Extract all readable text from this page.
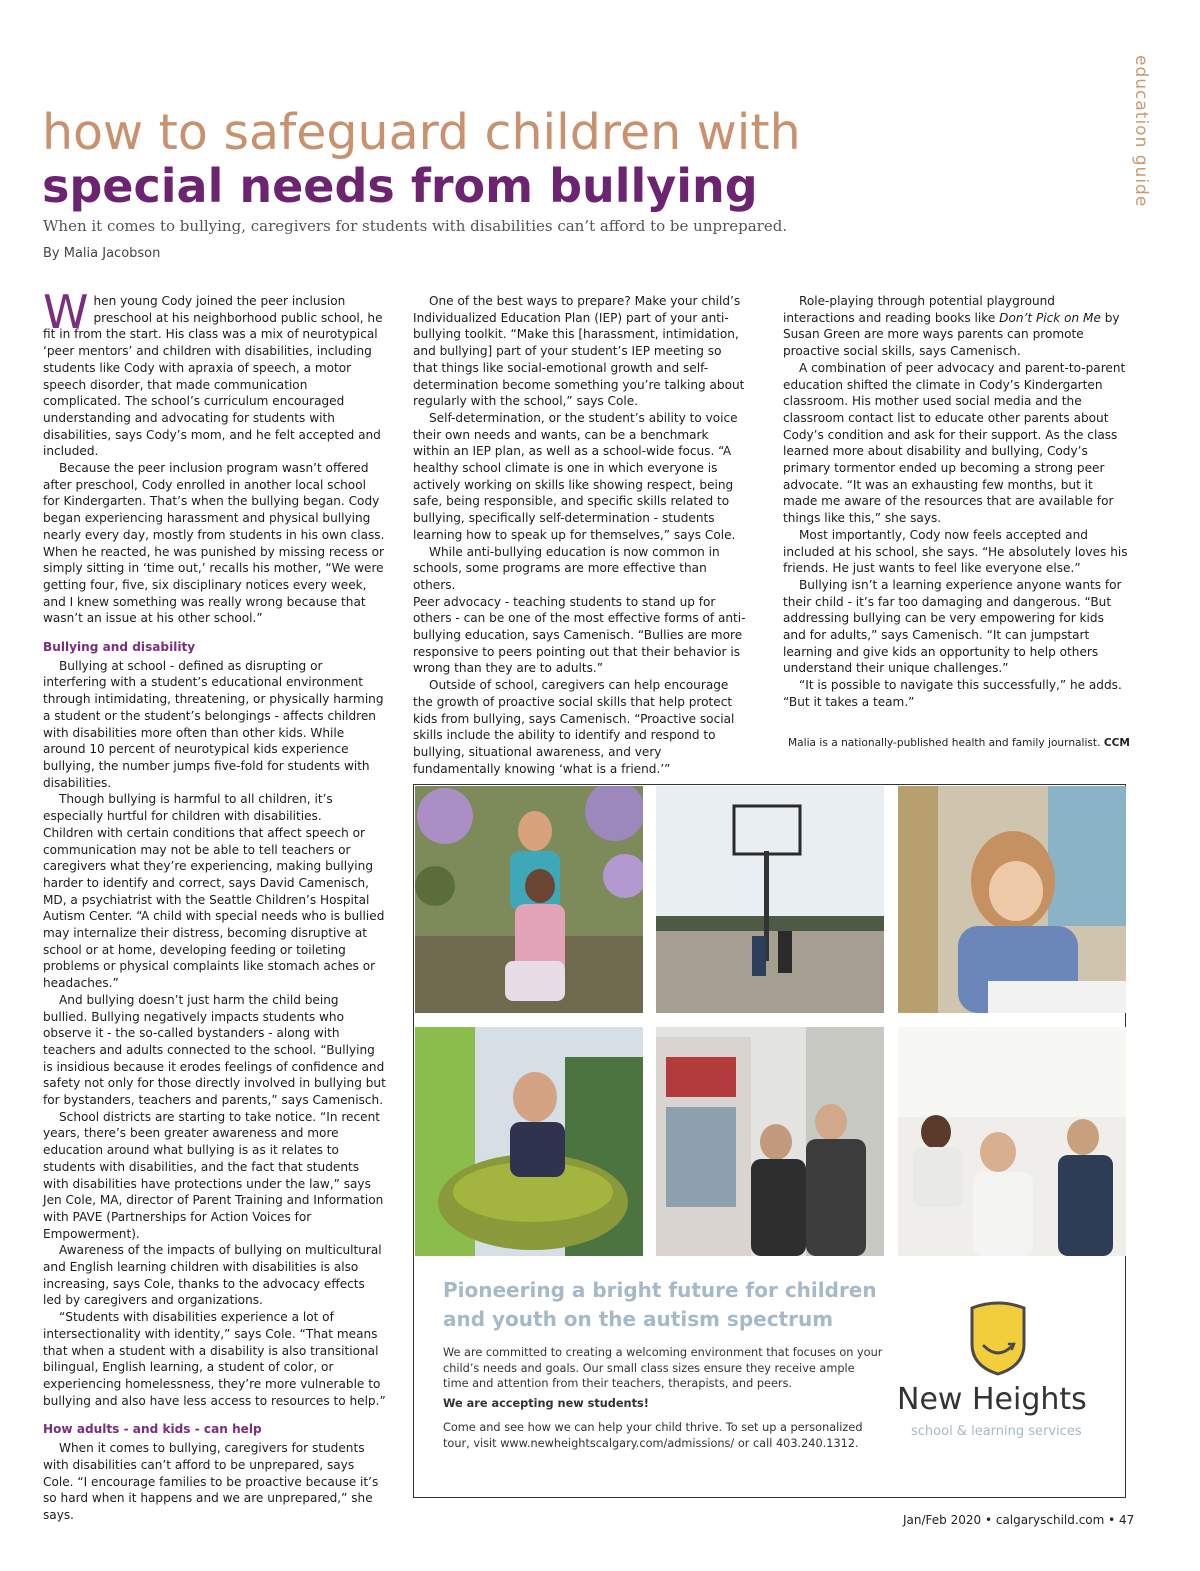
education guide
how to safeguard children with
special needs from bullying
When it comes to bullying, caregivers for students with disabilities can’t afford to be unprepared.
By Malia Jacobson

When young Cody joined the peer inclusion preschool at his neighborhood public school, he fit in from the start. His class was a mix of neurotypical ‘peer mentors’ and children with disabilities, including students like Cody with apraxia of speech, a motor speech disorder, that made communication complicated. The school’s curriculum encouraged understanding and advocating for students with disabilities, says Cody’s mom, and he felt accepted and included.

Because the peer inclusion program wasn’t offered after preschool, Cody enrolled in another local school for Kindergarten. That’s when the bullying began. Cody began experiencing harassment and physical bullying nearly every day, mostly from students in his own class. When he reacted, he was punished by missing recess or simply sitting in ‘time out,’ recalls his mother, “We were getting four, five, six disciplinary notices every week, and I knew something was really wrong because that wasn’t an issue at his other school.”

Bullying and disability

Bullying at school - defined as disrupting or interfering with a student’s educational environment through intimidating, threatening, or physically harming a student or the student’s belongings - affects children with disabilities more often than other kids. While around 10 percent of neurotypical kids experience bullying, the number jumps five-fold for students with disabilities.

Though bullying is harmful to all children, it’s especially hurtful for children with disabilities.

Children with certain conditions that affect speech or communication may not be able to tell teachers or caregivers what they’re experiencing, making bullying harder to identify and correct, says David Camenisch, MD, a psychiatrist with the Seattle Children’s Hospital Autism Center. “A child with special needs who is bullied may internalize their distress, becoming disruptive at school or at home, developing feeding or toileting problems or physical complaints like stomach aches or headaches.”

And bullying doesn’t just harm the child being bullied. Bullying negatively impacts students who observe it - the so-called bystanders - along with teachers and adults connected to the school. “Bullying is insidious because it erodes feelings of confidence and safety not only for those directly involved in bullying but for bystanders, teachers and parents,” says Camenisch.

School districts are starting to take notice. “In recent years, there’s been greater awareness and more education around what bullying is as it relates to students with disabilities, and the fact that students with disabilities have protections under the law,” says Jen Cole, MA, director of Parent Training and Information with PAVE (Partnerships for Action Voices for Empowerment).

Awareness of the impacts of bullying on multicultural and English learning children with disabilities is also increasing, says Cole, thanks to the advocacy effects led by caregivers and organizations.

“Students with disabilities experience a lot of intersectionality with identity,” says Cole. “That means that when a student with a disability is also transitional bilingual, English learning, a student of color, or experiencing homelessness, they’re more vulnerable to bullying and also have less access to resources to help.”

How adults - and kids - can help

When it comes to bullying, caregivers for students with disabilities can’t afford to be unprepared, says Cole. “I encourage families to be proactive because it’s so hard when it happens and we are unprepared,” she says.

One of the best ways to prepare? Make your child’s Individualized Education Plan (IEP) part of your anti-bullying toolkit. “Make this [harassment, intimidation, and bullying] part of your student’s IEP meeting so that things like social-emotional growth and self-determination become something you’re talking about regularly with the school,” says Cole.

Self-determination, or the student’s ability to voice their own needs and wants, can be a benchmark within an IEP plan, as well as a school-wide focus. “A healthy school climate is one in which everyone is actively working on skills like showing respect, being safe, being responsible, and specific skills related to bullying, specifically self-determination - students learning how to speak up for themselves,” says Cole.

While anti-bullying education is now common in schools, some programs are more effective than others.

Peer advocacy - teaching students to stand up for others - can be one of the most effective forms of anti-bullying education, says Camenisch. “Bullies are more responsive to peers pointing out that their behavior is wrong than they are to adults.”

Outside of school, caregivers can help encourage the growth of proactive social skills that help protect kids from bullying, says Camenisch. “Proactive social skills include the ability to identify and respond to bullying, situational awareness, and very fundamentally knowing ‘what is a friend.’”

Role-playing through potential playground interactions and reading books like Don’t Pick on Me by Susan Green are more ways parents can promote proactive social skills, says Camenisch.

A combination of peer advocacy and parent-to-parent education shifted the climate in Cody’s Kindergarten classroom. His mother used social media and the classroom contact list to educate other parents about Cody’s condition and ask for their support. As the class learned more about disability and bullying, Cody’s primary tormentor ended up becoming a strong peer advocate. “It was an exhausting few months, but it made me aware of the resources that are available for things like this,” she says.

Most importantly, Cody now feels accepted and included at his school, she says. “He absolutely loves his friends. He just wants to feel like everyone else.”

Bullying isn’t a learning experience anyone wants for their child - it’s far too damaging and dangerous. “But addressing bullying can be very empowering for kids and for adults,” says Camenisch. “It can jumpstart learning and give kids an opportunity to help others understand their unique challenges.”

“It is possible to navigate this successfully,” he adds. “But it takes a team.”

Malia is a nationally-published health and family journalist. CCM
Pioneering a bright future for children and youth on the autism spectrum
We are committed to creating a welcoming environment that focuses on your child’s needs and goals. Our small class sizes ensure they receive ample time and attention from their teachers, therapists, and peers.
We are accepting new students!
Come and see how we can help your child thrive. To set up a personalized tour, visit www.newheightscalgary.com/admissions/ or call 403.240.1312.
New Heights
school & learning services
Jan/Feb 2020 • calgaryschild.com • 47
